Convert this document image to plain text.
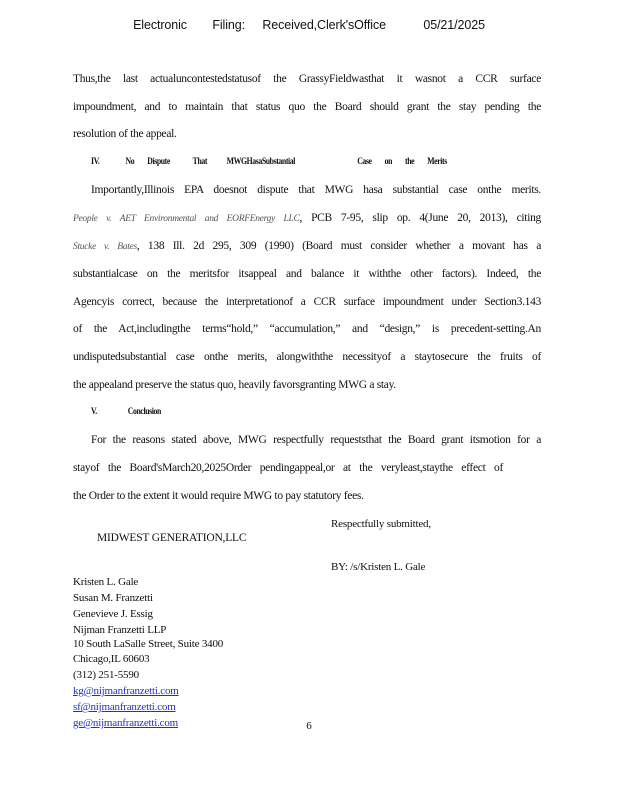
Electronic Filing: Received,Clerk'sOffice	05/21/2025
Thus,the last actualuncontestedstatusof the GrassyFieldwasthat it wasnot a CCR surface
impoundment, and to maintain that status quo the Board should grant the stay pending the
resolution of the appeal.
IV.	No Dispute That MWGHasaSubstantial	Case on the Merits
Importantly,Illinois EPA doesnot dispute that MWG hasa substantial case onthe merits.
People v. AET Environmental and EORFEnergy LLC, PCB 7-95, slip op. 4(June 20, 2013), citing
Stucke v. Bates, 138 Ill. 2d 295, 309 (1990) (Board must consider whether a movant has a
substantialcase on the meritsfor itsappeal and balance it withthe other factors). Indeed, the
Agencyis correct, because the interpretationof a CCR surface impoundment under Section3.143
of the Act,includingthe terms“hold,” “accumulation,” and “design,” is precedent-setting.An
undisputedsubstantial case onthe merits, alongwiththe necessityof a staytosecure the fruits of
the appealand preserve the status quo, heavily favorsgranting MWG a stay.
V.	Conclusion
For the reasons stated above, MWG respectfully requeststhat the Board grant itsmotion for a
stayof the Board'sMarch20,2025Order pendingappeal,or at the veryleast,staythe effect of
the Order to the extent it would require MWG to pay statutory fees.
Respectfully submitted,
MIDWEST GENERATION,LLC
BY: /s/Kristen L. Gale
Kristen L. Gale
Susan M. Franzetti
Genevieve J. Essig
Nijman Franzetti LLP
10 South LaSalle Street, Suite 3400
Chicago,IL 60603
(312) 251-5590
kg@nijmanfranzetti.com
sf@nijmanfranzetti.com
ge@nijmanfranzetti.com	6
